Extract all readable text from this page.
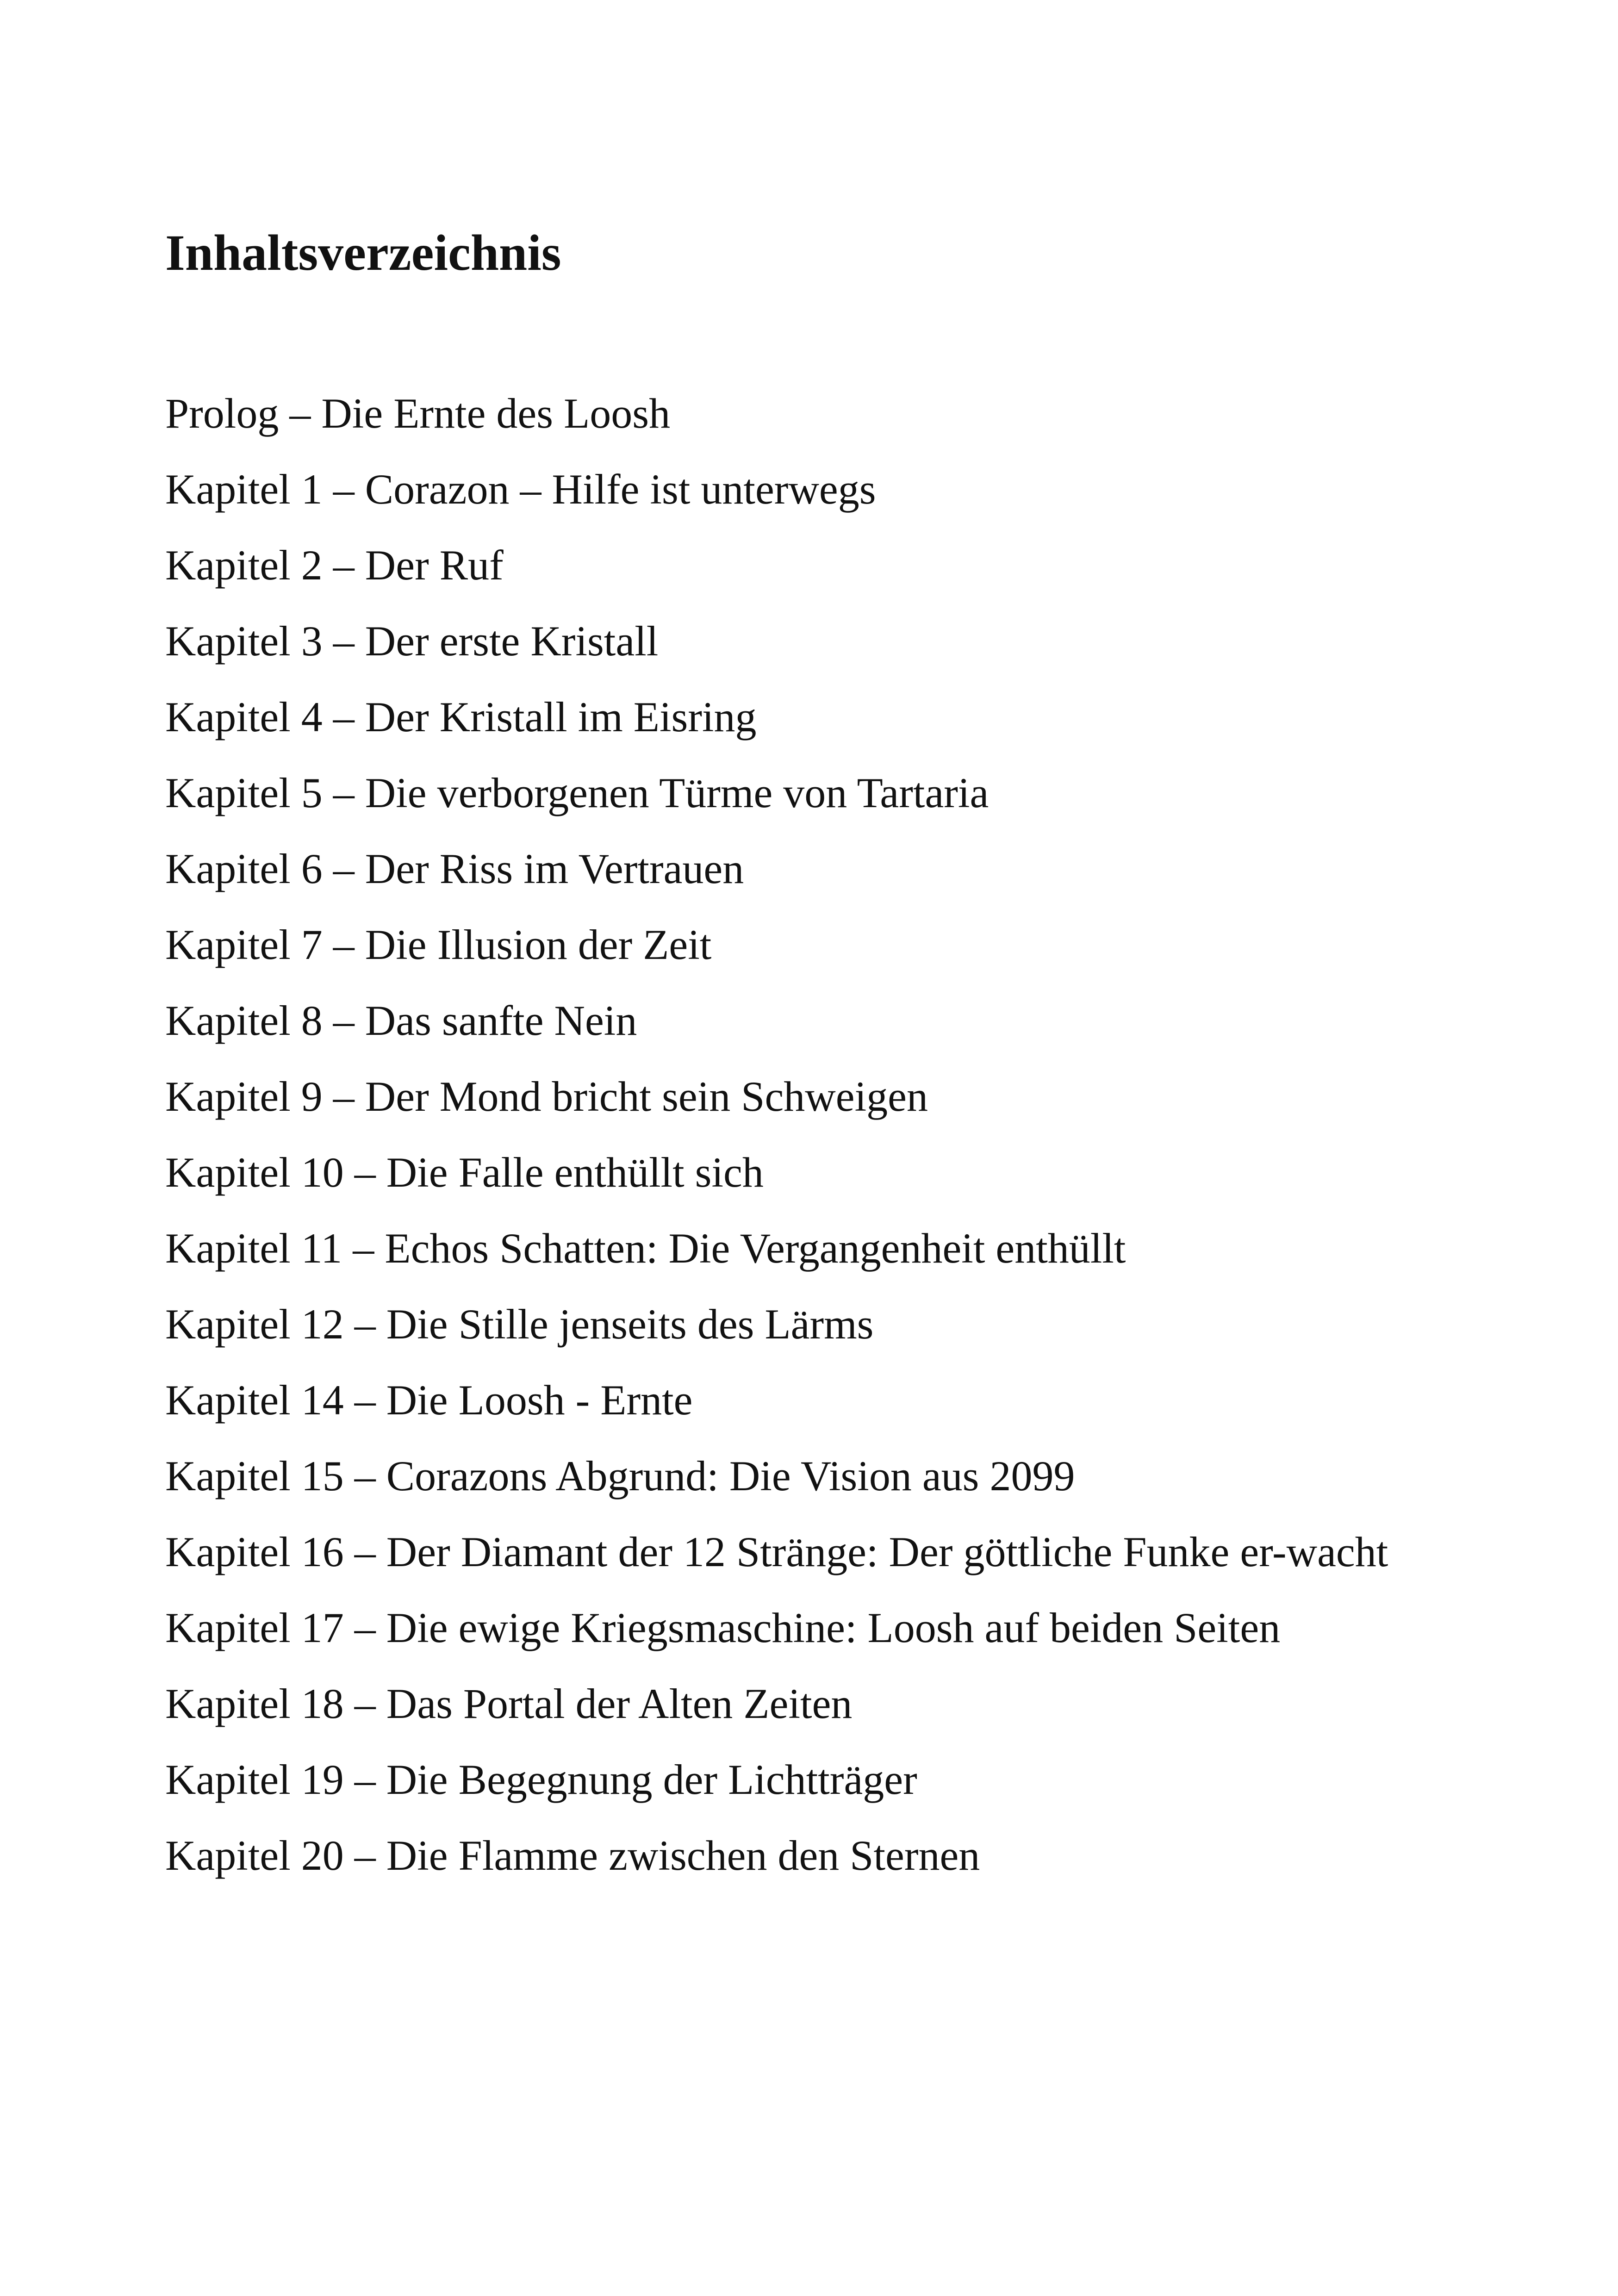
Inhaltsverzeichnis
Prolog – Die Ernte des Loosh
Kapitel 1 – Corazon – Hilfe ist unterwegs
Kapitel 2 – Der Ruf
Kapitel 3 – Der erste Kristall
Kapitel 4 – Der Kristall im Eisring
Kapitel 5 – Die verborgenen Türme von Tartaria
Kapitel 6 – Der Riss im Vertrauen
Kapitel 7 – Die Illusion der Zeit
Kapitel 8 – Das sanfte Nein
Kapitel 9 – Der Mond bricht sein Schweigen
Kapitel 10 – Die Falle enthüllt sich
Kapitel 11 – Echos Schatten: Die Vergangenheit enthüllt
Kapitel 12 – Die Stille jenseits des Lärms
Kapitel 14 – Die Loosh - Ernte
Kapitel 15 – Corazons Abgrund: Die Vision aus 2099
Kapitel 16 – Der Diamant der 12 Stränge: Der göttliche Funke er-wacht
Kapitel 17 – Die ewige Kriegsmaschine: Loosh auf beiden Seiten
Kapitel 18 – Das Portal der Alten Zeiten
Kapitel 19 – Die Begegnung der Lichtträger
Kapitel 20 – Die Flamme zwischen den Sternen
